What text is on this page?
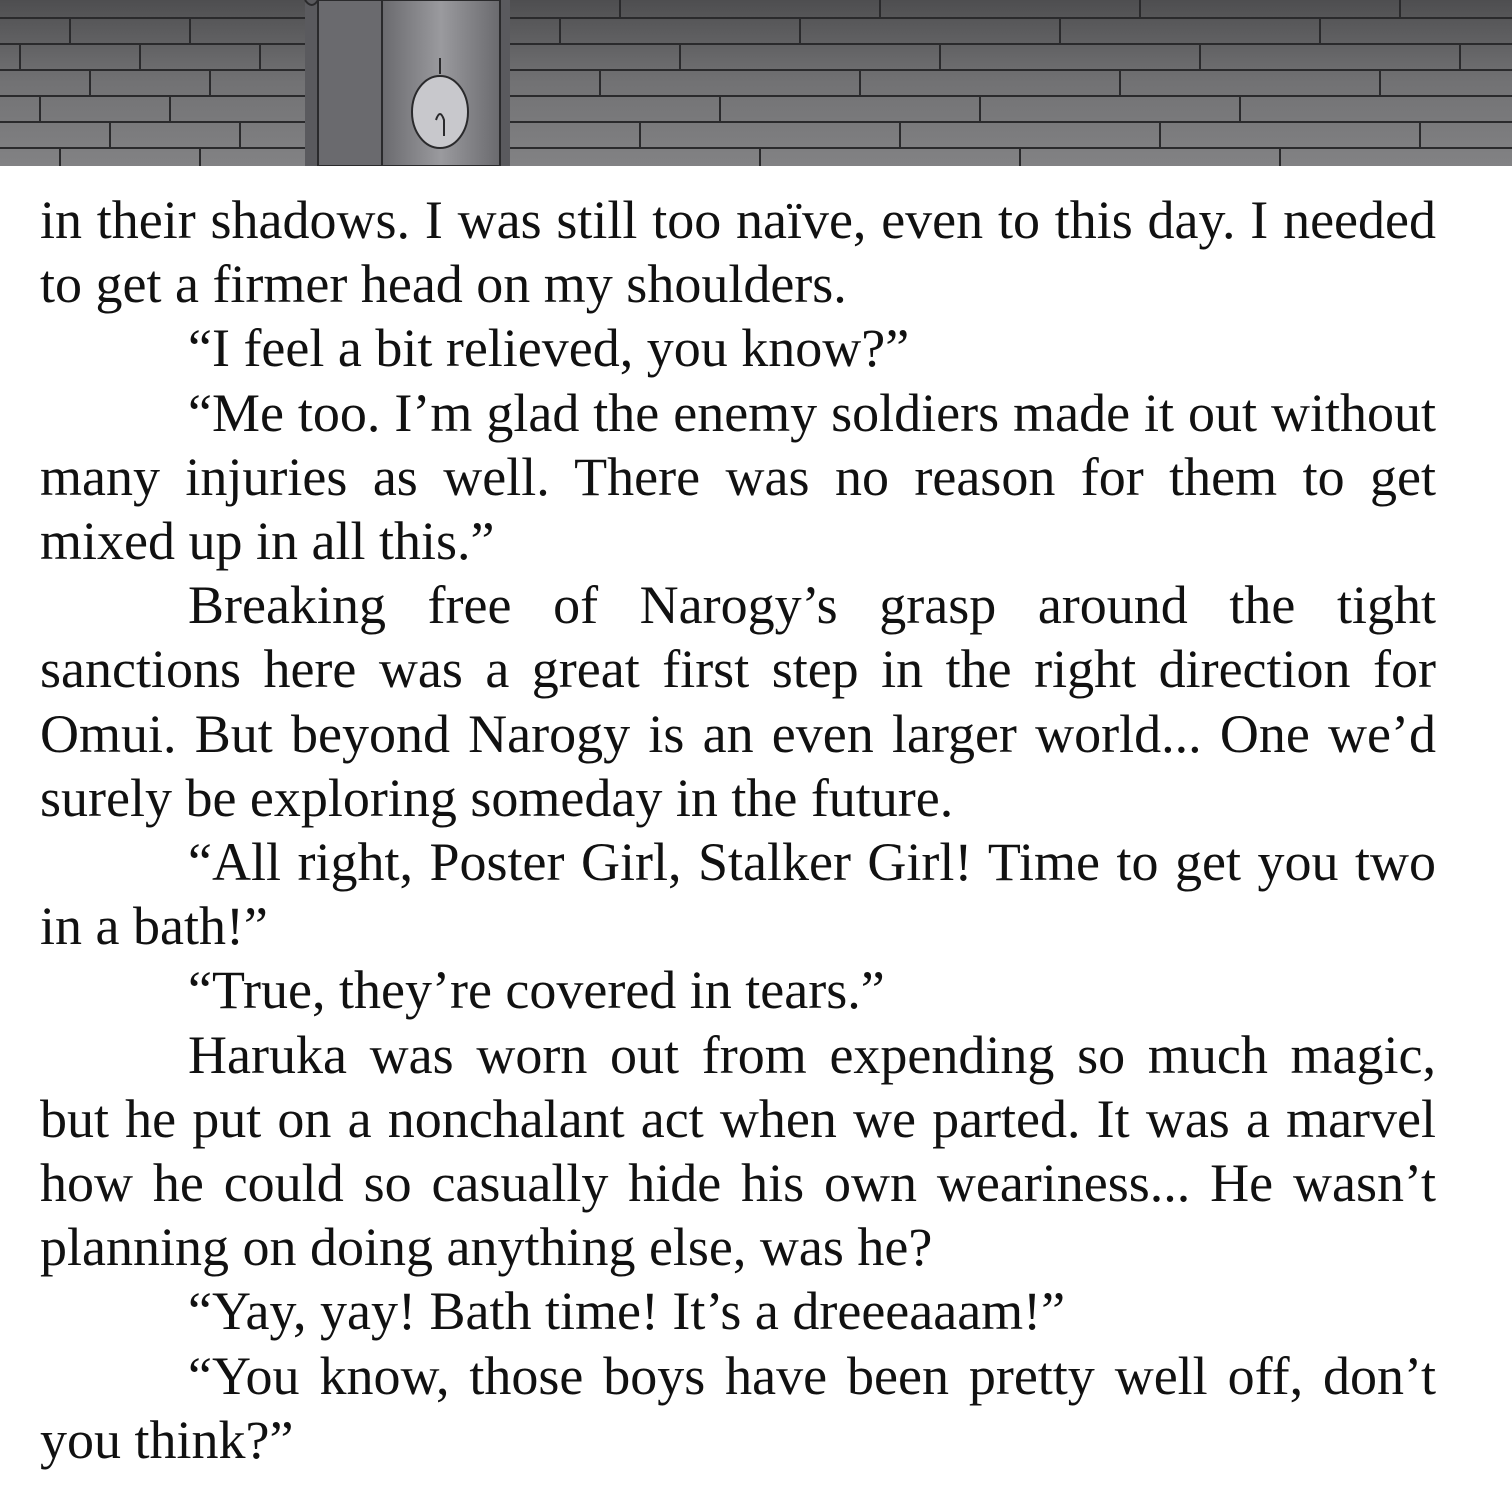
in their shadows. I was still too naïve, even to this day. I needed to get a firmer head on my shoulders.

“I feel a bit relieved, you know?”

“Me too. I’m glad the enemy soldiers made it out without many injuries as well. There was no reason for them to get mixed up in all this.”

Breaking free of Narogy’s grasp around the tight sanctions here was a great first step in the right direction for Omui. But beyond Narogy is an even larger world... One we’d surely be exploring someday in the future.

“All right, Poster Girl, Stalker Girl! Time to get you two in a bath!”

“True, they’re covered in tears.”

Haruka was worn out from expending so much magic, but he put on a nonchalant act when we parted. It was a marvel how he could so casually hide his own weariness... He wasn’t planning on doing anything else, was he?

“Yay, yay! Bath time! It’s a dreeeaaam!”

“You know, those boys have been pretty well off, don’t you think?”
